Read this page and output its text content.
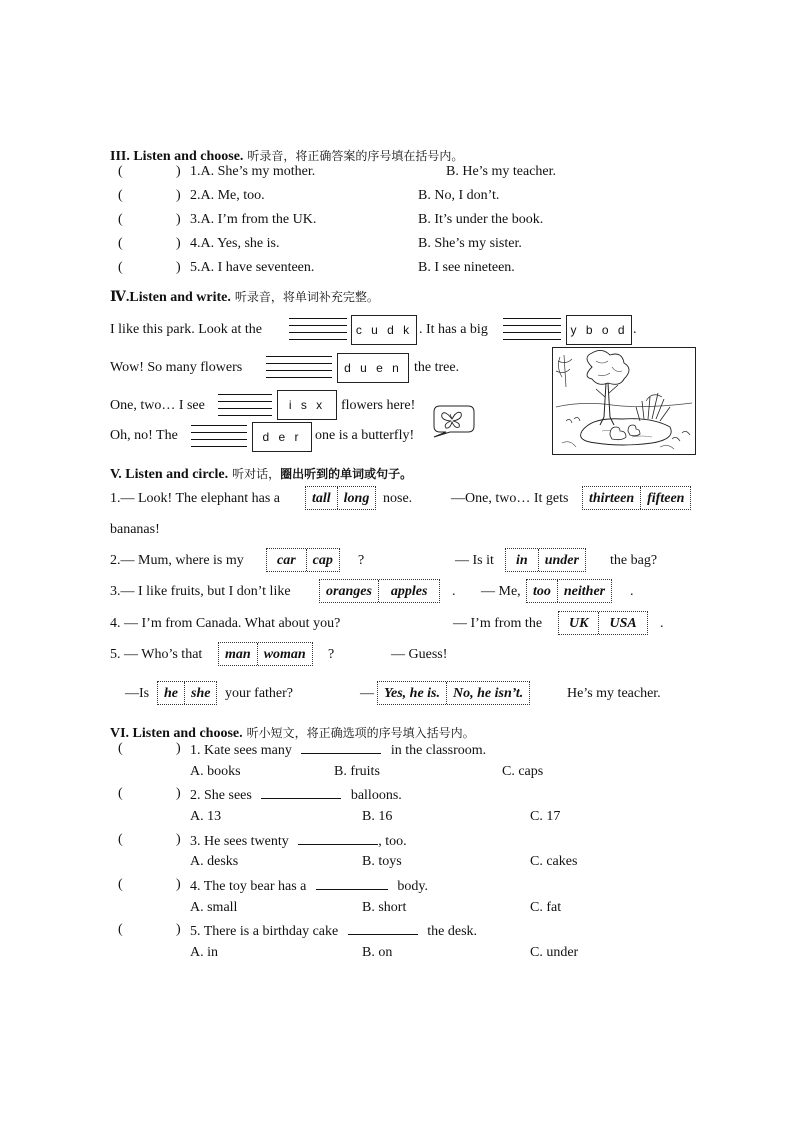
III. Listen and choose. 听录音，将正确答案的序号填在括号内。
(	) 1.A. She’s my mother.	B. He’s my teacher.
(	) 2.A. Me, too.	B. No, I don’t.
(	) 3.A. I’m from the UK.	B. It’s under the book.
(	) 4.A. Yes, she is.	B. She’s my sister.
(	) 5.A. I have seventeen.	B. I see nineteen.
Ⅳ.Listen and write. 听录音，将单词补充完整。
I like this park. Look at the	c u d k . It has a big	y b o d .
Wow! So many flowers	d u e n the tree.
One, two… I see	i s x	flowers here!
Oh, no! The	d e r one is a butterfly!
V. Listen and circle. 听对话，圈出听到的单词或句子。
1.— Look! The elephant has a	tall long nose.	—One, two… It gets	thirteen fifteen
bananas!
2.— Mum, where is my	car	cap	?	— Is it	in	under	the bag?
3.— I like fruits, but I don’t like	oranges	apples	. — Me, too neither	.
4. — I’m from Canada. What about you?	— I’m from the	UK	USA	.
5. — Who’s that	man woman	?	— Guess!
—Is	he she	your father?	— Yes, he is. No, he isn’t.	He’s my teacher.
VI. Listen and choose. 听小短文，将正确选项的序号填入括号内。
(	) 1. Kate sees many	in the classroom.
A. books	B. fruits	C. caps
(	) 2. She sees	balloons.
A. 13	B. 16	C. 17
(	) 3. He sees twenty	, too.
A. desks	B. toys	C. cakes
(	) 4. The toy bear has a	body.
A. small	B. short	C. fat
(	) 5. There is a birthday cake	the desk.
A. in	B. on	C. under
